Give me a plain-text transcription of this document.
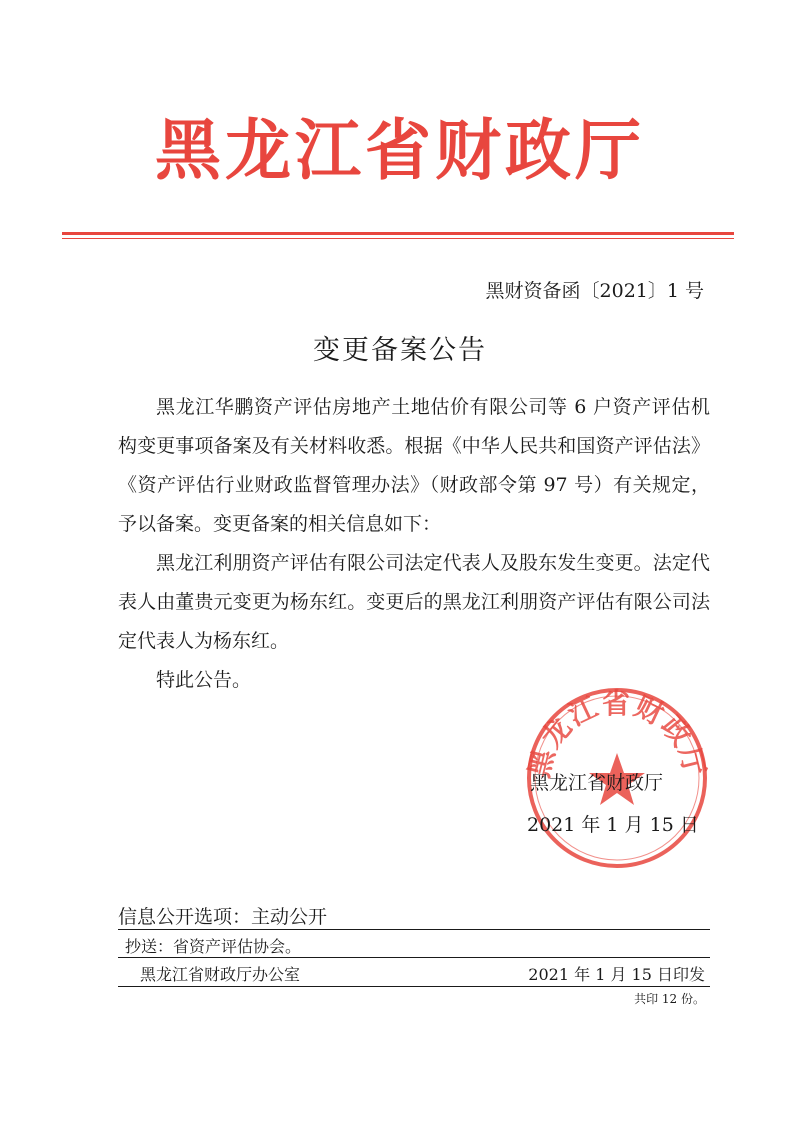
黑龙江省财政厅
黑财资备函〔2021〕1 号
变更备案公告

黑龙江华鹏资产评估房地产土地估价有限公司等 6 户资产评估机构变更事项备案及有关材料收悉。根据《中华人民共和国资产评估法》《资产评估行业财政监督管理办法》（财政部令第 97 号）有关规定，予以备案。变更备案的相关信息如下：

黑龙江利朋资产评估有限公司法定代表人及股东发生变更。法定代表人由董贵元变更为杨东红。变更后的黑龙江利朋资产评估有限公司法定代表人为杨东红。

特此公告。

黑龙江省财政厅
黑龙江省财政厅
2021 年 1 月 15 日
信息公开选项：主动公开
抄送：省资产评估协会。
黑龙江省财政厅办公室	2021 年 1 月 15 日印发
共印 12 份。
